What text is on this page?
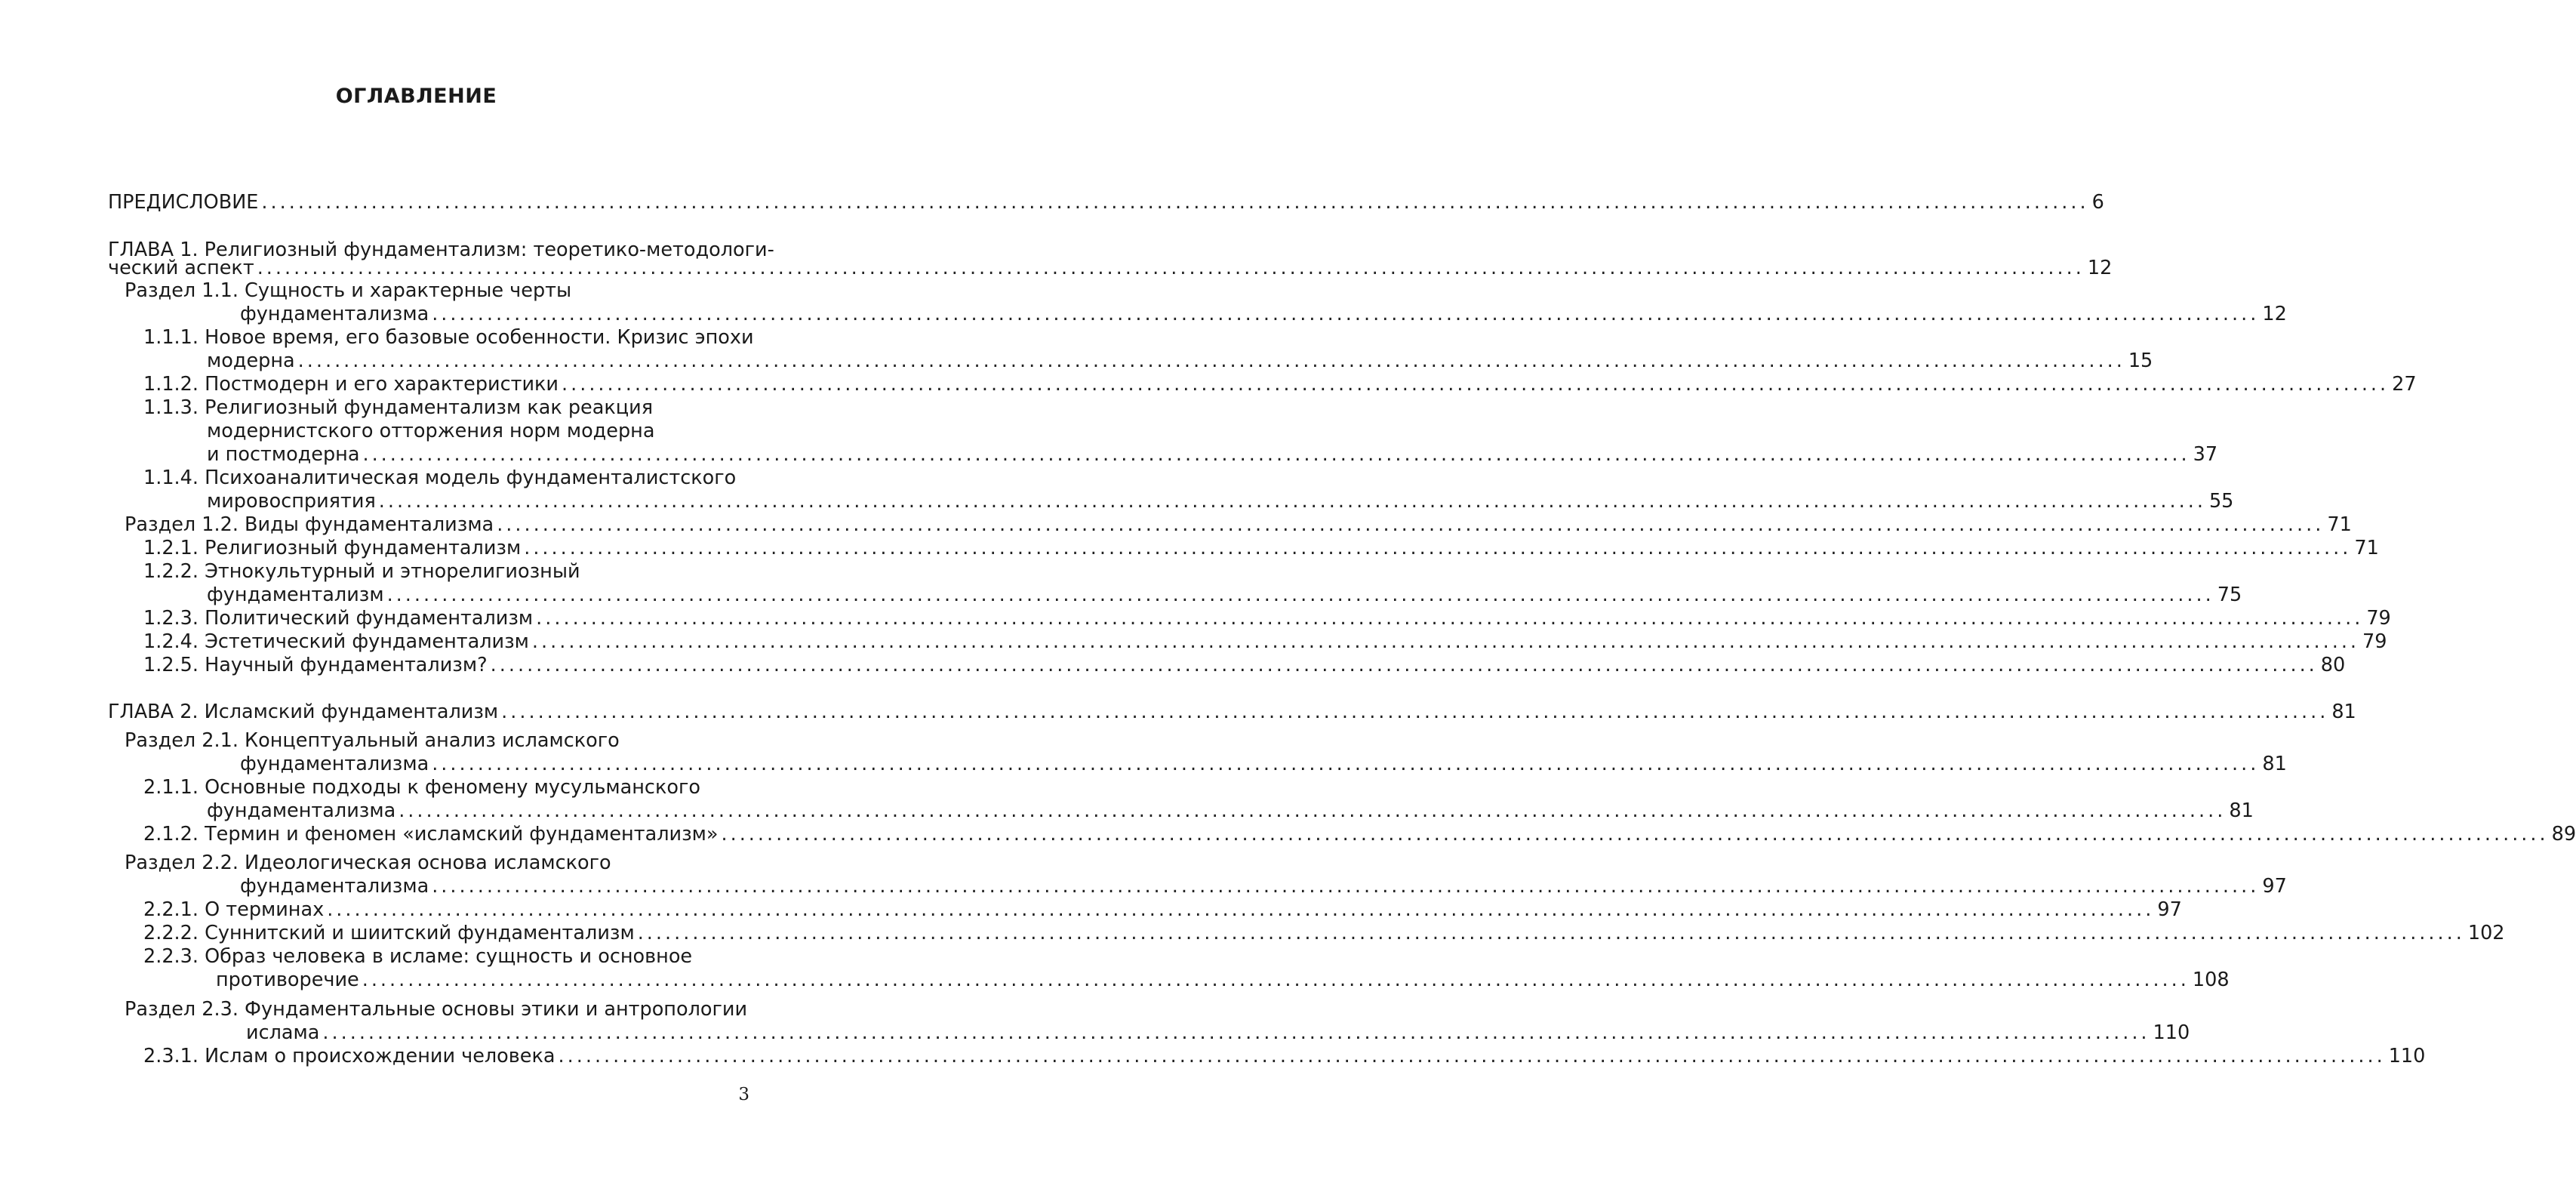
ОГЛАВЛЕНИЕ
ПРЕДИСЛОВИЕ ........................................................................................................................................................................................................ 6
ГЛАВА 1. Религиозный фундаментализм: теоретико-методологи-
ческий аспект ........................................................................................................................................................................................................ 12
Раздел 1.1. Сущность и характерные черты
фундаментализма ........................................................................................................................................................................................................ 12
1.1.1. Новое время, его базовые особенности. Кризис эпохи
модерна ........................................................................................................................................................................................................ 15
1.1.2. Постмодерн и его характеристики ........................................................................................................................................................................................................ 27
1.1.3. Религиозный фундаментализм как реакция
модернистского отторжения норм модерна
и постмодерна ........................................................................................................................................................................................................ 37
1.1.4. Психоаналитическая модель фундаменталистского
мировосприятия ........................................................................................................................................................................................................ 55
Раздел 1.2. Виды фундаментализма ........................................................................................................................................................................................................ 71
1.2.1. Религиозный фундаментализм ........................................................................................................................................................................................................ 71
1.2.2. Этнокультурный и этнорелигиозный
фундаментализм ........................................................................................................................................................................................................ 75
1.2.3. Политический фундаментализм ........................................................................................................................................................................................................ 79
1.2.4. Эстетический фундаментализм ........................................................................................................................................................................................................ 79
1.2.5. Научный фундаментализм? ........................................................................................................................................................................................................ 80
ГЛАВА 2. Исламский фундаментализм ........................................................................................................................................................................................................ 81
Раздел 2.1. Концептуальный анализ исламского
фундаментализма ........................................................................................................................................................................................................ 81
2.1.1. Основные подходы к феномену мусульманского
фундаментализма ........................................................................................................................................................................................................ 81
2.1.2. Термин и феномен «исламский фундаментализм» ........................................................................................................................................................................................................ 89
Раздел 2.2. Идеологическая основа исламского
фундаментализма ........................................................................................................................................................................................................ 97
2.2.1. О терминах ........................................................................................................................................................................................................ 97
2.2.2. Суннитский и шиитский фундаментализм ........................................................................................................................................................................................................ 102
2.2.3. Образ человека в исламе: сущность и основное
противоречие ........................................................................................................................................................................................................ 108
Раздел 2.3. Фундаментальные основы этики и антропологии
ислама ........................................................................................................................................................................................................ 110
2.3.1. Ислам о происхождении человека ........................................................................................................................................................................................................ 110
3
